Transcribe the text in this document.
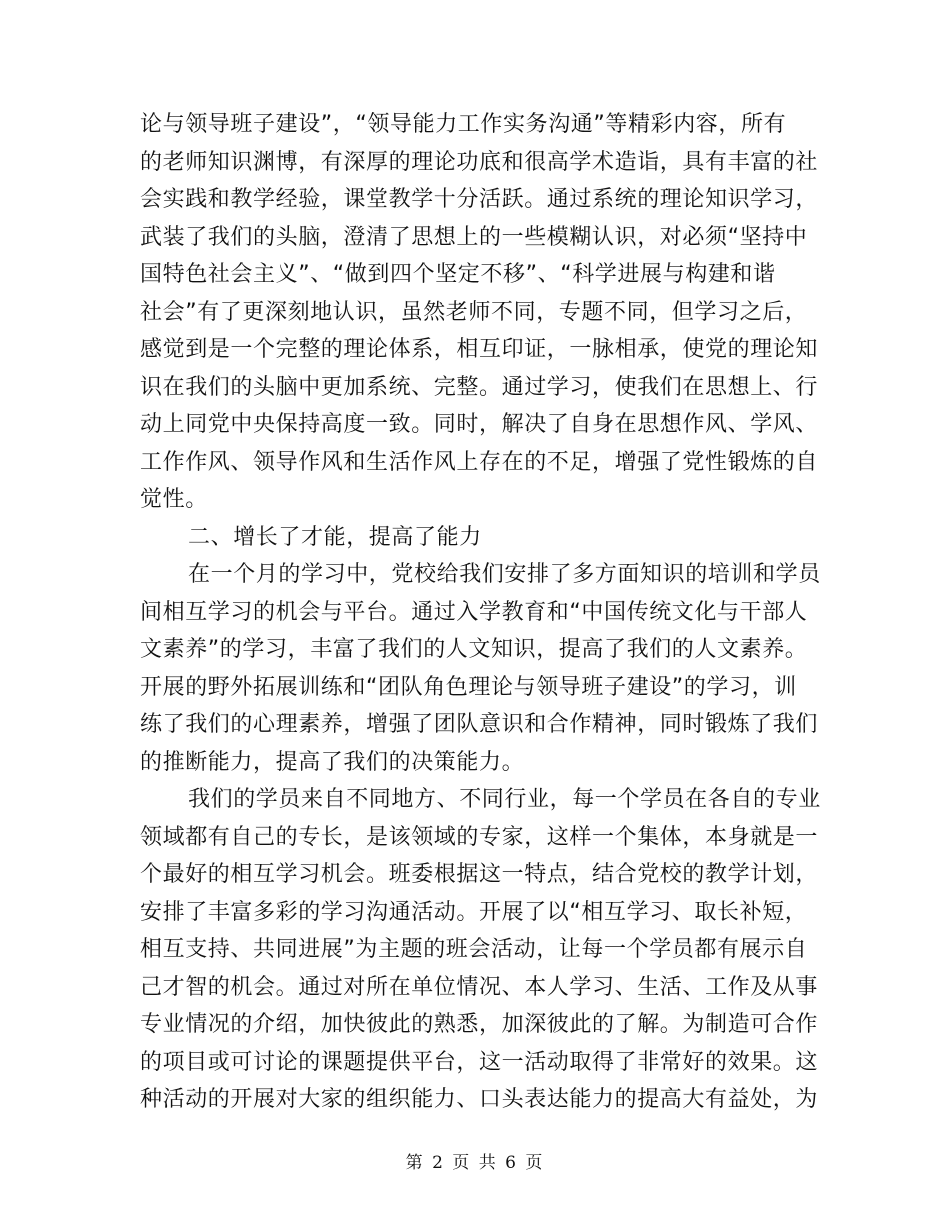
论与领导班子建设”，“领导能力工作实务沟通”等精彩内容，所有
的老师知识渊博，有深厚的理论功底和很高学术造诣，具有丰富的社
会实践和教学经验，课堂教学十分活跃。通过系统的理论知识学习，
武装了我们的头脑，澄清了思想上的一些模糊认识，对必须“坚持中
国特色社会主义”、“做到四个坚定不移”、“科学进展与构建和谐
社会”有了更深刻地认识，虽然老师不同，专题不同，但学习之后，
感觉到是一个完整的理论体系，相互印证，一脉相承，使党的理论知
识在我们的头脑中更加系统、完整。通过学习，使我们在思想上、行
动上同党中央保持高度一致。同时，解决了自身在思想作风、学风、
工作作风、领导作风和生活作风上存在的不足，增强了党性锻炼的自
觉性。
二、增长了才能，提高了能力
在一个月的学习中，党校给我们安排了多方面知识的培训和学员
间相互学习的机会与平台。通过入学教育和“中国传统文化与干部人
文素养”的学习，丰富了我们的人文知识，提高了我们的人文素养。
开展的野外拓展训练和“团队角色理论与领导班子建设”的学习，训
练了我们的心理素养，增强了团队意识和合作精神，同时锻炼了我们
的推断能力，提高了我们的决策能力。
我们的学员来自不同地方、不同行业，每一个学员在各自的专业
领域都有自己的专长，是该领域的专家，这样一个集体，本身就是一
个最好的相互学习机会。班委根据这一特点，结合党校的教学计划，
安排了丰富多彩的学习沟通活动。开展了以“相互学习、取长补短，
相互支持、共同进展”为主题的班会活动，让每一个学员都有展示自
己才智的机会。通过对所在单位情况、本人学习、生活、工作及从事
专业情况的介绍，加快彼此的熟悉，加深彼此的了解。为制造可合作
的项目或可讨论的课题提供平台，这一活动取得了非常好的效果。这
种活动的开展对大家的组织能力、口头表达能力的提高大有益处，为
第 2 页 共 6 页
